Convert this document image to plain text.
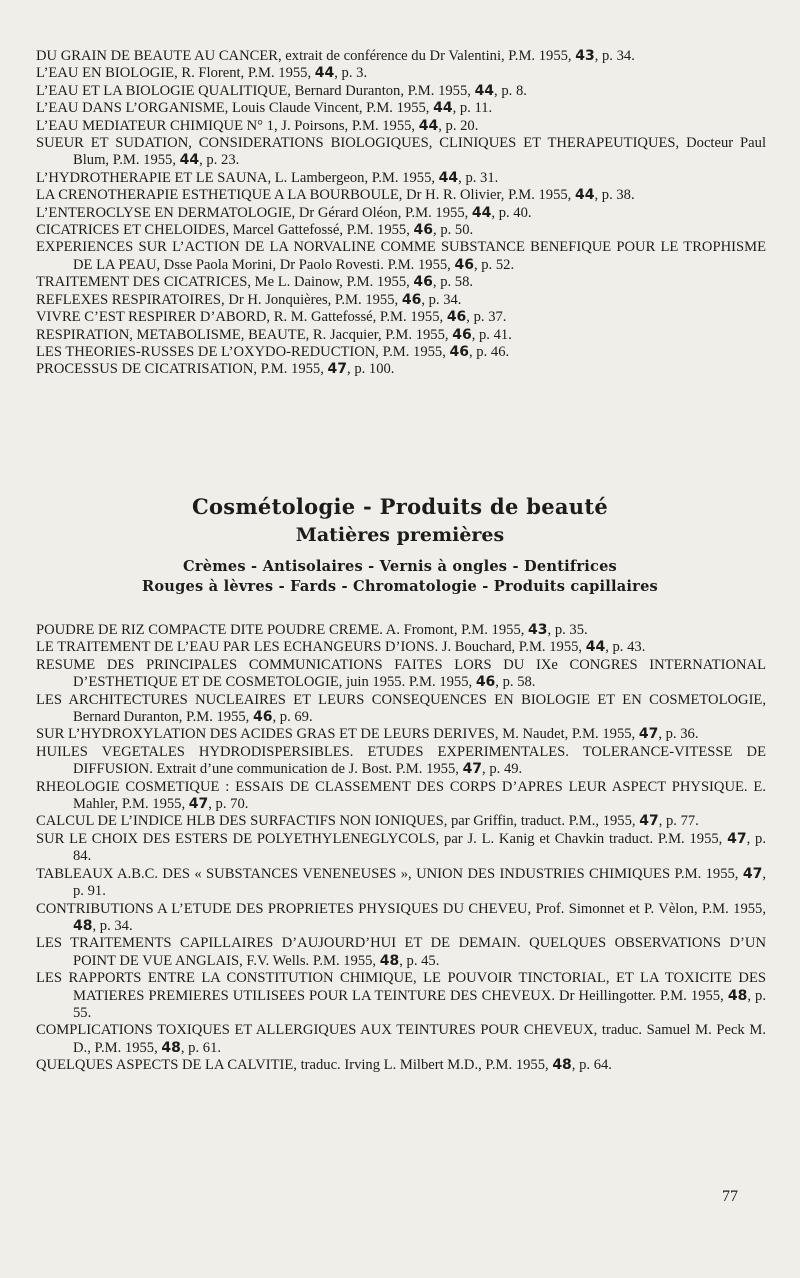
DU GRAIN DE BEAUTE AU CANCER, extrait de conférence du Dr Valentini, P.M. 1955, 43, p. 34.

L’EAU EN BIOLOGIE, R. Florent, P.M. 1955, 44, p. 3.

L’EAU ET LA BIOLOGIE QUALITIQUE, Bernard Duranton, P.M. 1955, 44, p. 8.

L’EAU DANS L’ORGANISME, Louis Claude Vincent, P.M. 1955, 44, p. 11.

L’EAU MEDIATEUR CHIMIQUE N° 1, J. Poirsons, P.M. 1955, 44, p. 20.

SUEUR ET SUDATION, CONSIDERATIONS BIOLOGIQUES, CLINIQUES ET THERAPEUTIQUES, Docteur Paul Blum, P.M. 1955, 44, p. 23.

L’HYDROTHERAPIE ET LE SAUNA, L. Lambergeon, P.M. 1955, 44, p. 31.

LA CRENOTHERAPIE ESTHETIQUE A LA BOURBOULE, Dr H. R. Olivier, P.M. 1955, 44, p. 38.

L’ENTEROCLYSE EN DERMATOLOGIE, Dr Gérard Oléon, P.M. 1955, 44, p. 40.

CICATRICES ET CHELOIDES, Marcel Gattefossé, P.M. 1955, 46, p. 50.

EXPERIENCES SUR L’ACTION DE LA NORVALINE COMME SUBSTANCE BENEFIQUE POUR LE TROPHISME DE LA PEAU, Dsse Paola Morini, Dr Paolo Rovesti. P.M. 1955, 46, p. 52.

TRAITEMENT DES CICATRICES, Me L. Dainow, P.M. 1955, 46, p. 58.

REFLEXES RESPIRATOIRES, Dr H. Jonquières, P.M. 1955, 46, p. 34.

VIVRE C’EST RESPIRER D’ABORD, R. M. Gattefossé, P.M. 1955, 46, p. 37.

RESPIRATION, METABOLISME, BEAUTE, R. Jacquier, P.M. 1955, 46, p. 41.

LES THEORIES-RUSSES DE L’OXYDO-REDUCTION, P.M. 1955, 46, p. 46.

PROCESSUS DE CICATRISATION, P.M. 1955, 47, p. 100.

Cosmétologie - Produits de beauté

Matières premières

Crèmes - Antisolaires - Vernis à ongles - Dentifrices

Rouges à lèvres - Fards - Chromatologie - Produits capillaires

POUDRE DE RIZ COMPACTE DITE POUDRE CREME. A. Fromont, P.M. 1955, 43, p. 35.

LE TRAITEMENT DE L’EAU PAR LES ECHANGEURS D’IONS. J. Bouchard, P.M. 1955, 44, p. 43.

RESUME DES PRINCIPALES COMMUNICATIONS FAITES LORS DU IXe CONGRES INTERNATIONAL D’ESTHETIQUE ET DE COSMETOLOGIE, juin 1955. P.M. 1955, 46, p. 58.

LES ARCHITECTURES NUCLEAIRES ET LEURS CONSEQUENCES EN BIOLOGIE ET EN COSMETOLOGIE, Bernard Duranton, P.M. 1955, 46, p. 69.

SUR L’HYDROXYLATION DES ACIDES GRAS ET DE LEURS DERIVES, M. Naudet, P.M. 1955, 47, p. 36.

HUILES VEGETALES HYDRODISPERSIBLES. ETUDES EXPERIMENTALES. TOLERANCE-VITESSE DE DIFFUSION. Extrait d’une communication de J. Bost. P.M. 1955, 47, p. 49.

RHEOLOGIE COSMETIQUE : ESSAIS DE CLASSEMENT DES CORPS D’APRES LEUR ASPECT PHYSIQUE. E. Mahler, P.M. 1955, 47, p. 70.

CALCUL DE L’INDICE HLB DES SURFACTIFS NON IONIQUES, par Griffin, traduct. P.M., 1955, 47, p. 77.

SUR LE CHOIX DES ESTERS DE POLYETHYLENEGLYCOLS, par J. L. Kanig et Chavkin traduct. P.M. 1955, 47, p. 84.

TABLEAUX A.B.C. DES « SUBSTANCES VENENEUSES », UNION DES INDUSTRIES CHIMIQUES P.M. 1955, 47, p. 91.

CONTRIBUTIONS A L’ETUDE DES PROPRIETES PHYSIQUES DU CHEVEU, Prof. Simonnet et P. Vèlon, P.M. 1955, 48, p. 34.

LES TRAITEMENTS CAPILLAIRES D’AUJOURD’HUI ET DE DEMAIN. QUELQUES OBSERVATIONS D’UN POINT DE VUE ANGLAIS, F.V. Wells. P.M. 1955, 48, p. 45.

LES RAPPORTS ENTRE LA CONSTITUTION CHIMIQUE, LE POUVOIR TINCTORIAL, ET LA TOXICITE DES MATIERES PREMIERES UTILISEES POUR LA TEINTURE DES CHEVEUX. Dr Heillingotter. P.M. 1955, 48, p. 55.

COMPLICATIONS TOXIQUES ET ALLERGIQUES AUX TEINTURES POUR CHEVEUX, traduc. Samuel M. Peck M. D., P.M. 1955, 48, p. 61.

QUELQUES ASPECTS DE LA CALVITIE, traduc. Irving L. Milbert M.D., P.M. 1955, 48, p. 64.

77
